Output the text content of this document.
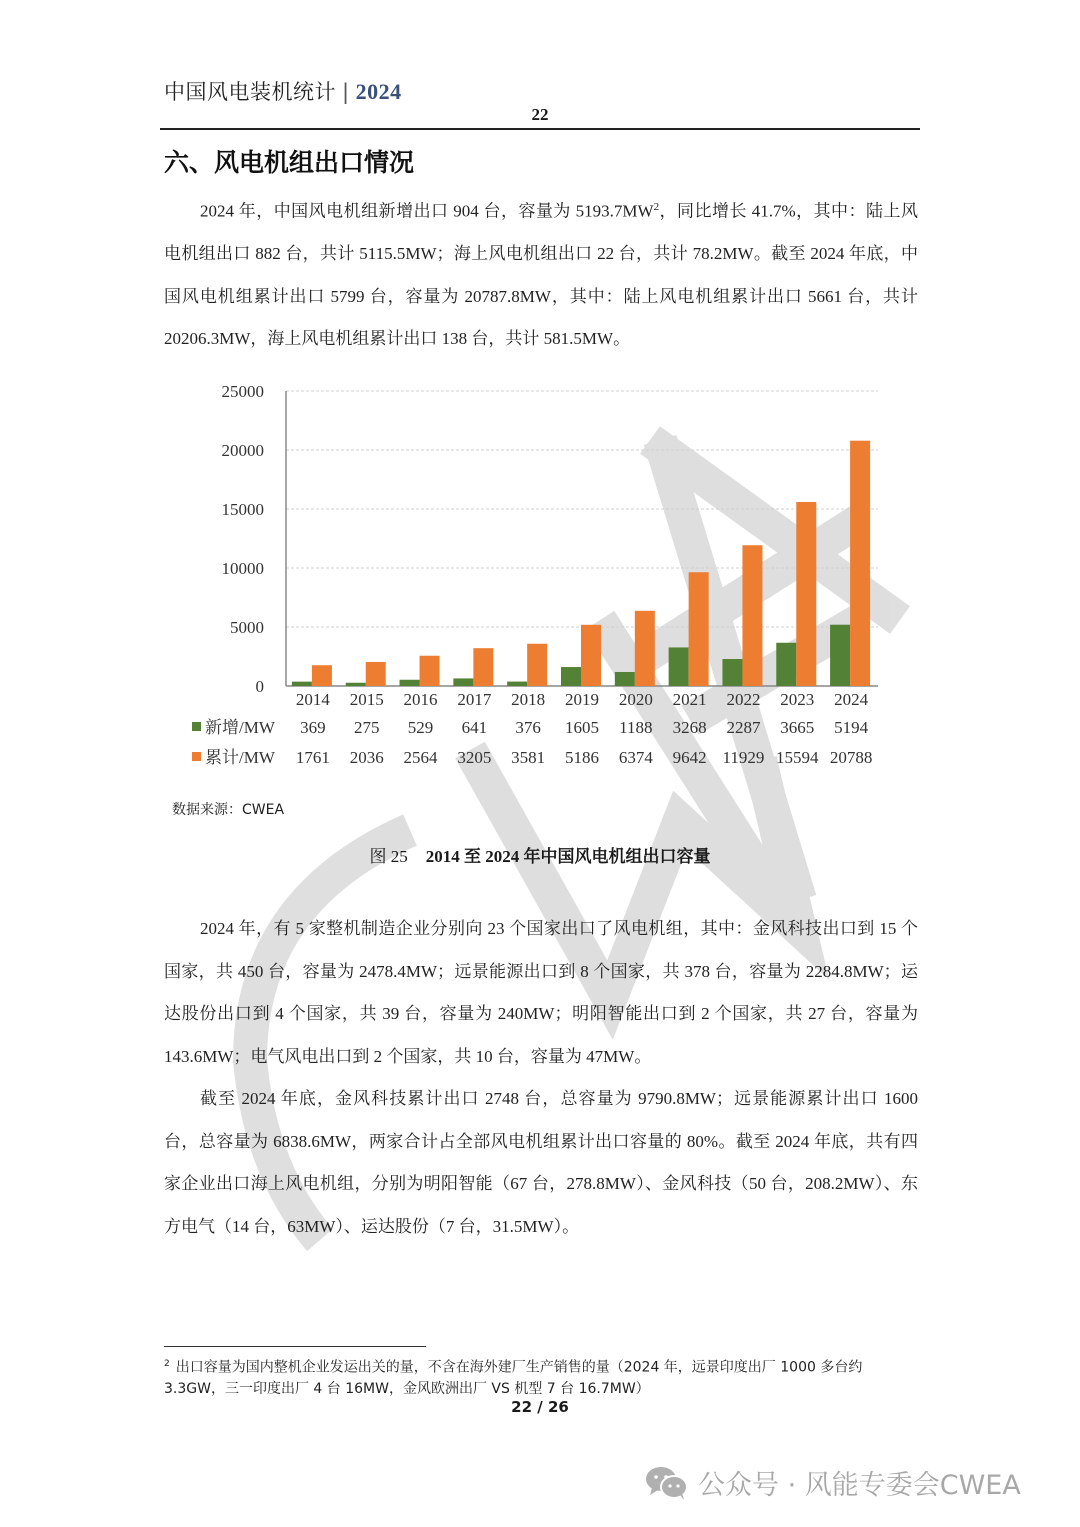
中国风电装机统计 | 2024
22
六、风电机组出口情况
2024 年，中国风电机组新增出口 904 台，容量为 $5193.7MW^2$，同比增长 41.7%，其中：陆上风电机组出口 882 台，共计 5115.5MW；海上风电机组出口 22 台，共计 78.2MW。截至 2024 年底，中国风电机组累计出口 5799 台，容量为 20787.8MW，其中：陆上风电机组累计出口 5661 台，共计 20206.3MW，海上风电机组累计出口 138 台，共计 581.5MW。
0
5000
10000
15000
20000
25000
2014
369
1761
2015
275
2036
2016
529
2564
2017
641
3205
2018
376
3581
2019
1605
5186
2020
1188
6374
2021
3268
9642
2022
2287
11929
2023
3665
15594
2024
5194
20788
新增/MW
累计/MW
数据来源：CWEA
图 25 2014 至 2024 年中国风电机组出口容量
2024 年，有 5 家整机制造企业分别向 23 个国家出口了风电机组，其中：金风科技出口到 15 个国家，共 450 台，容量为 2478.4MW；远景能源出口到 8 个国家，共 378 台，容量为 2284.8MW；运达股份出口到 4 个国家，共 39 台，容量为 240MW；明阳智能出口到 2 个国家，共 27 台，容量为 143.6MW；电气风电出口到 2 个国家，共 10 台，容量为 47MW。
截至 2024 年底，金风科技累计出口 2748 台，总容量为 9790.8MW；远景能源累计出口 1600 台，总容量为 6838.6MW，两家合计占全部风电机组累计出口容量的 80%。截至 2024 年底，共有四家企业出口海上风电机组，分别为明阳智能（67 台，278.8MW）、金风科技（50 台，208.2MW）、东方电气（14 台，63MW）、运达股份（7 台，31.5MW）。
$^2$ 出口容量为国内整机企业发运出关的量，不含在海外建厂生产销售的量（2024 年，远景印度出厂 1000 多台约 3.3GW，三一印度出厂 4 台 16MW，金风欧洲出厂 VS 机型 7 台 16.7MW）
22 / 26
公众号 · 风能专委会CWEA
